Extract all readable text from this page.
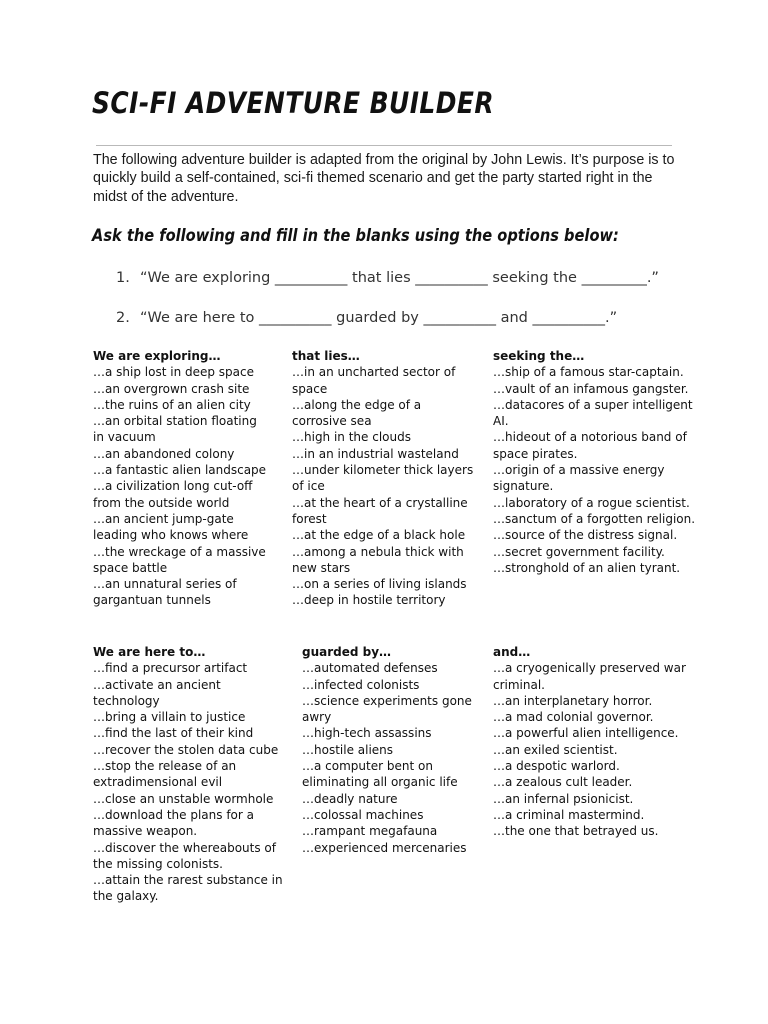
SCI-FI ADVENTURE BUILDER

The following adventure builder is adapted from the original by John Lewis. It’s purpose is to quickly build a self-contained, sci-fi themed scenario and get the party started right in the midst of the adventure.

Ask the following and fill in the blanks using the options below:
1. “We are exploring __________ that lies __________ seeking the _________.”
2. “We are here to __________ guarded by __________ and __________.”
We are exploring…
…a ship lost in deep space
…an overgrown crash site
…the ruins of an alien city
…an orbital station floating in vacuum
…an abandoned colony
…a fantastic alien landscape
…a civilization long cut-off from the outside world
…an ancient jump-gate leading who knows where
…the wreckage of a massive space battle
…an unnatural series of gargantuan tunnels
that lies…
…in an uncharted sector of space
…along the edge of a corrosive sea
…high in the clouds
…in an industrial wasteland
…under kilometer thick layers of ice
…at the heart of a crystalline forest
…at the edge of a black hole
…among a nebula thick with new stars
…on a series of living islands
…deep in hostile territory
seeking the…
…ship of a famous star-captain.
…vault of an infamous gangster.
…datacores of a super intelligent AI.
…hideout of a notorious band of space pirates.
…origin of a massive energy signature.
…laboratory of a rogue scientist.
…sanctum of a forgotten religion.
…source of the distress signal.
…secret government facility.
…stronghold of an alien tyrant.
We are here to…
…find a precursor artifact
…activate an ancient technology
…bring a villain to justice
…find the last of their kind
…recover the stolen data cube
…stop the release of an extradimensional evil
…close an unstable wormhole
…download the plans for a massive weapon.
…discover the whereabouts of the missing colonists.
…attain the rarest substance in the galaxy.
guarded by…
…automated defenses
…infected colonists
…science experiments gone awry
…high-tech assassins
…hostile aliens
…a computer bent on eliminating all organic life
…deadly nature
…colossal machines
…rampant megafauna
…experienced mercenaries
and…
…a cryogenically preserved war criminal.
…an interplanetary horror.
…a mad colonial governor.
…a powerful alien intelligence.
…an exiled scientist.
…a despotic warlord.
…a zealous cult leader.
…an infernal psionicist.
…a criminal mastermind.
…the one that betrayed us.
